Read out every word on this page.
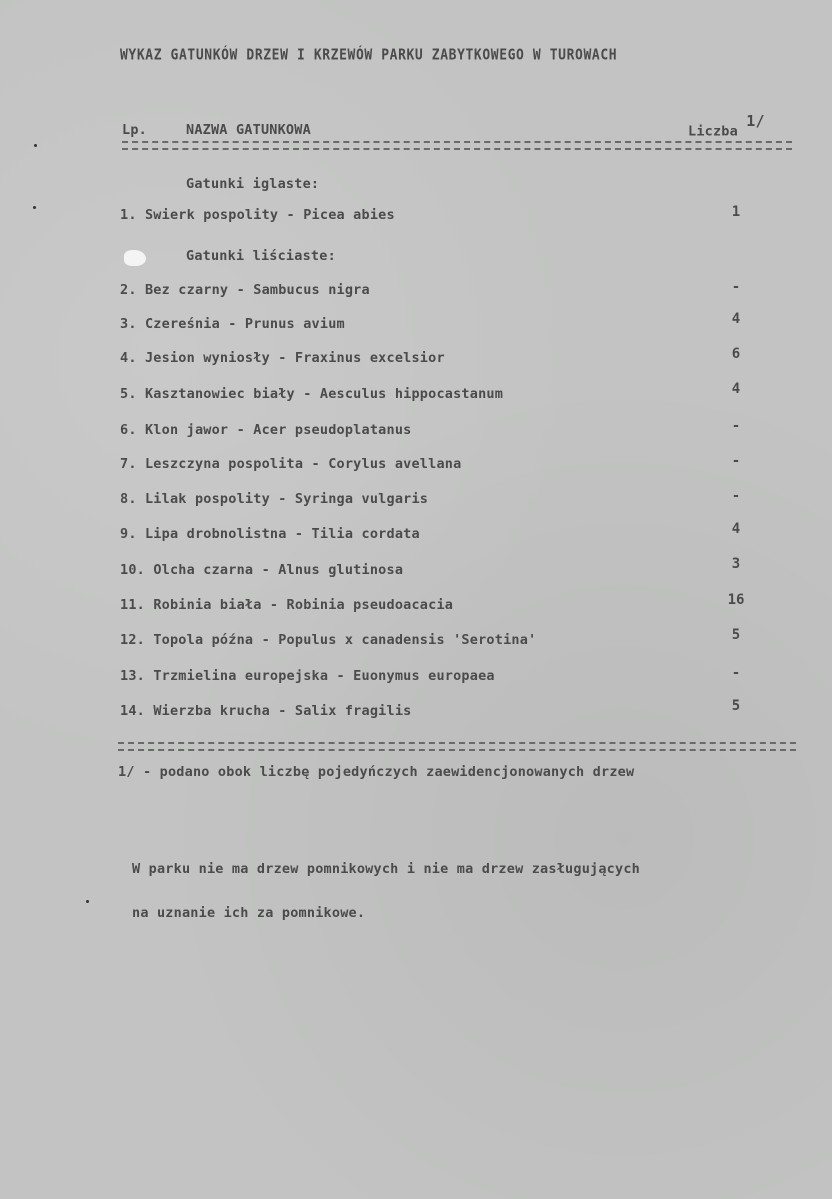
WYKAZ GATUNKÓW DRZEW I KRZEWÓW PARKU ZABYTKOWEGO W TUROWACH
Lp.	NAZWA GATUNKOWA	Liczba $^{1/}$
Gatunki iglaste:
1. Swierk pospolity - Picea abies	1
Gatunki liściaste:
2. Bez czarny - Sambucus nigra	-
3. Czereśnia - Prunus avium	4
4. Jesion wyniosły - Fraxinus excelsior	6
5. Kasztanowiec biały - Aesculus hippocastanum	4
6. Klon jawor - Acer pseudoplatanus	-
7. Leszczyna pospolita - Corylus avellana	-
8. Lilak pospolity - Syringa vulgaris	-
9. Lipa drobnolistna - Tilia cordata	4
10. Olcha czarna - Alnus glutinosa	3
11. Robinia biała - Robinia pseudoacacia	16
12. Topola późna - Populus x canadensis 'Serotina'	5
13. Trzmielina europejska - Euonymus europaea	-
14. Wierzba krucha - Salix fragilis	5
1/ - podano obok liczbę pojedyńczych zaewidencjonowanych drzew
W parku nie ma drzew pomnikowych i nie ma drzew zasługujących
na uznanie ich za pomnikowe.
